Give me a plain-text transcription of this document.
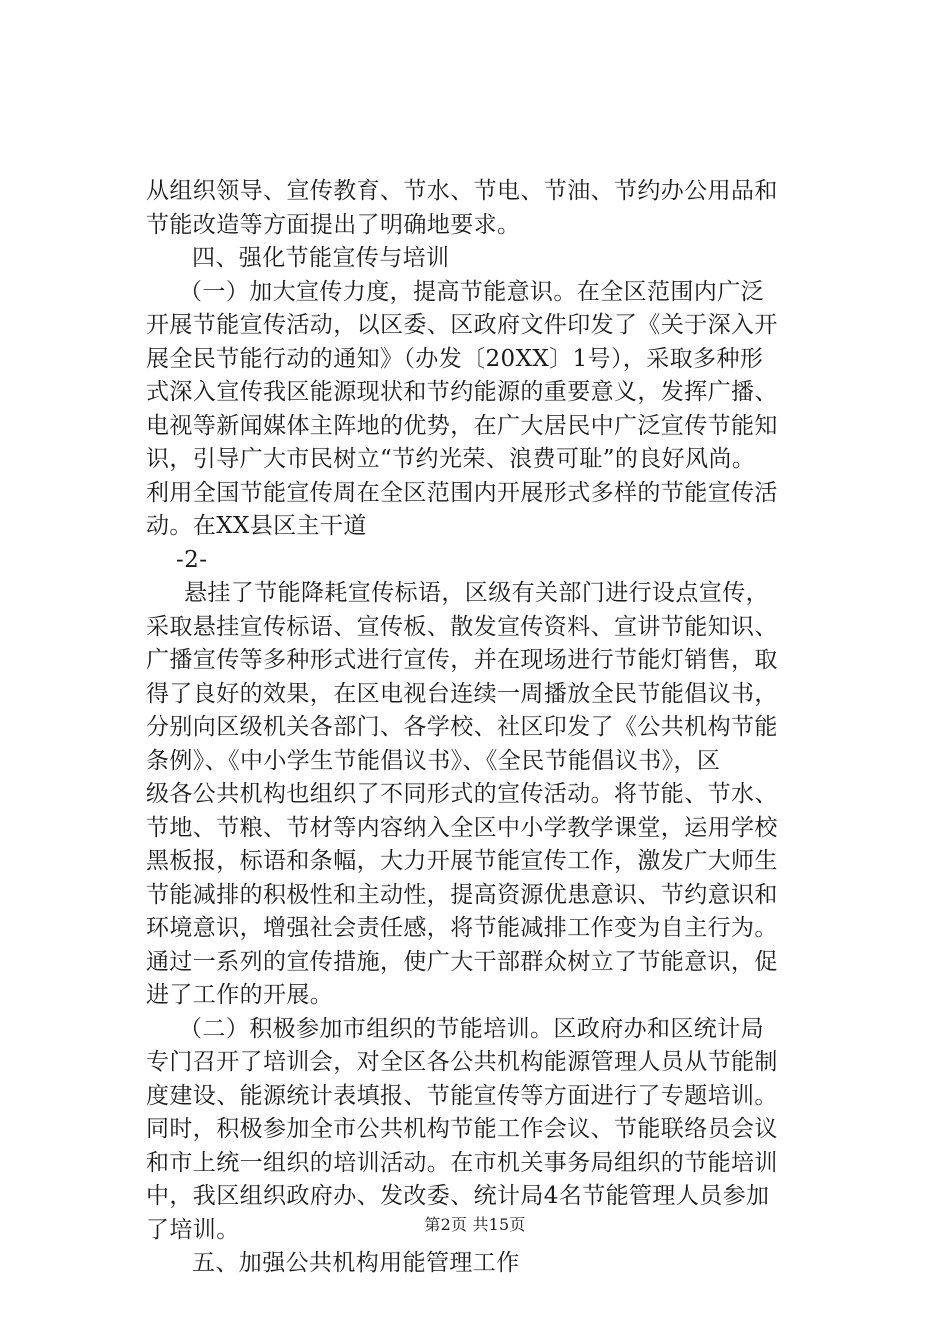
从组织领导、宣传教育、节水、节电、节油、节约办公用品和
节能改造等方面提出了明确地要求。
四、强化节能宣传与培训
（一）加大宣传力度，提高节能意识。在全区范围内广泛
开展节能宣传活动，以区委、区政府文件印发了《关于深入开
展全民节能行动的通知》（办发〔20XX〕1号），采取多种形
式深入宣传我区能源现状和节约能源的重要意义，发挥广播、
电视等新闻媒体主阵地的优势，在广大居民中广泛宣传节能知
识，引导广大市民树立“节约光荣、浪费可耻”的良好风尚。
利用全国节能宣传周在全区范围内开展形式多样的节能宣传活
动。在XX县区主干道
-2-
悬挂了节能降耗宣传标语，区级有关部门进行设点宣传，
采取悬挂宣传标语、宣传板、散发宣传资料、宣讲节能知识、
广播宣传等多种形式进行宣传，并在现场进行节能灯销售，取
得了良好的效果，在区电视台连续一周播放全民节能倡议书，
分别向区级机关各部门、各学校、社区印发了《公共机构节能
条例》、《中小学生节能倡议书》、《全民节能倡议书》，区
级各公共机构也组织了不同形式的宣传活动。将节能、节水、
节地、节粮、节材等内容纳入全区中小学教学课堂，运用学校
黑板报，标语和条幅，大力开展节能宣传工作，激发广大师生
节能减排的积极性和主动性，提高资源优患意识、节约意识和
环境意识，增强社会责任感，将节能减排工作变为自主行为。
通过一系列的宣传措施，使广大干部群众树立了节能意识，促
进了工作的开展。
（二）积极参加市组织的节能培训。区政府办和区统计局
专门召开了培训会，对全区各公共机构能源管理人员从节能制
度建设、能源统计表填报、节能宣传等方面进行了专题培训。
同时，积极参加全市公共机构节能工作会议、节能联络员会议
和市上统一组织的培训活动。在市机关事务局组织的节能培训
中，我区组织政府办、发改委、统计局4名节能管理人员参加
了培训。
五、加强公共机构用能管理工作
第2页 共15页
